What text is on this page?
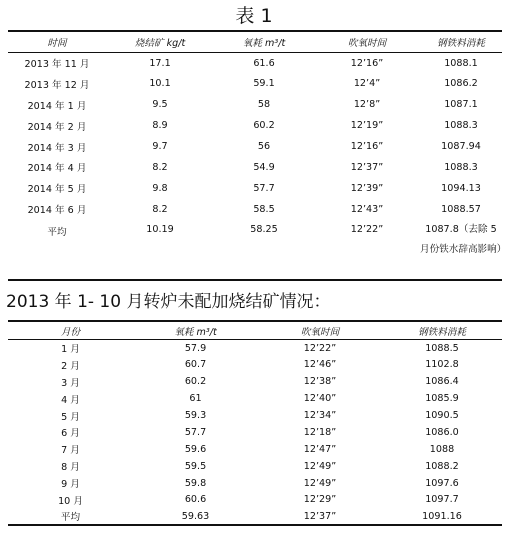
表 1
时间	烧结矿 kg/t	氧耗 m³/t	吹氧时间	钢铁料消耗
2013 年 11 月	17.1	61.6	12’16”	1088.1
2013 年 12 月	10.1	59.1	12’4”	1086.2
2014 年 1 月	9.5	58	12’8”	1087.1
2014 年 2 月	8.9	60.2	12’19”	1088.3
2014 年 3 月	9.7	56	12’16”	1087.94
2014 年 4 月	8.2	54.9	12’37”	1088.3
2014 年 5 月	9.8	57.7	12’39”	1094.13
2014 年 6 月	8.2	58.5	12’43”	1088.57
平均	10.19	58.25	12’22”	1087.8（去除 5 月份铁水辞高影响）
2013 年 1- 10 月转炉未配加烧结矿情况：
月份	氧耗 m³/t	吹氧时间	钢铁料消耗
1 月	57.9	12’22”	1088.5
2 月	60.7	12’46”	1102.8
3 月	60.2	12’38”	1086.4
4 月	61	12’40”	1085.9
5 月	59.3	12’34”	1090.5
6 月	57.7	12’18”	1086.0
7 月	59.6	12’47”	1088
8 月	59.5	12’49”	1088.2
9 月	59.8	12’49”	1097.6
10 月	60.6	12’29”	1097.7
平均	59.63	12’37”	1091.16
